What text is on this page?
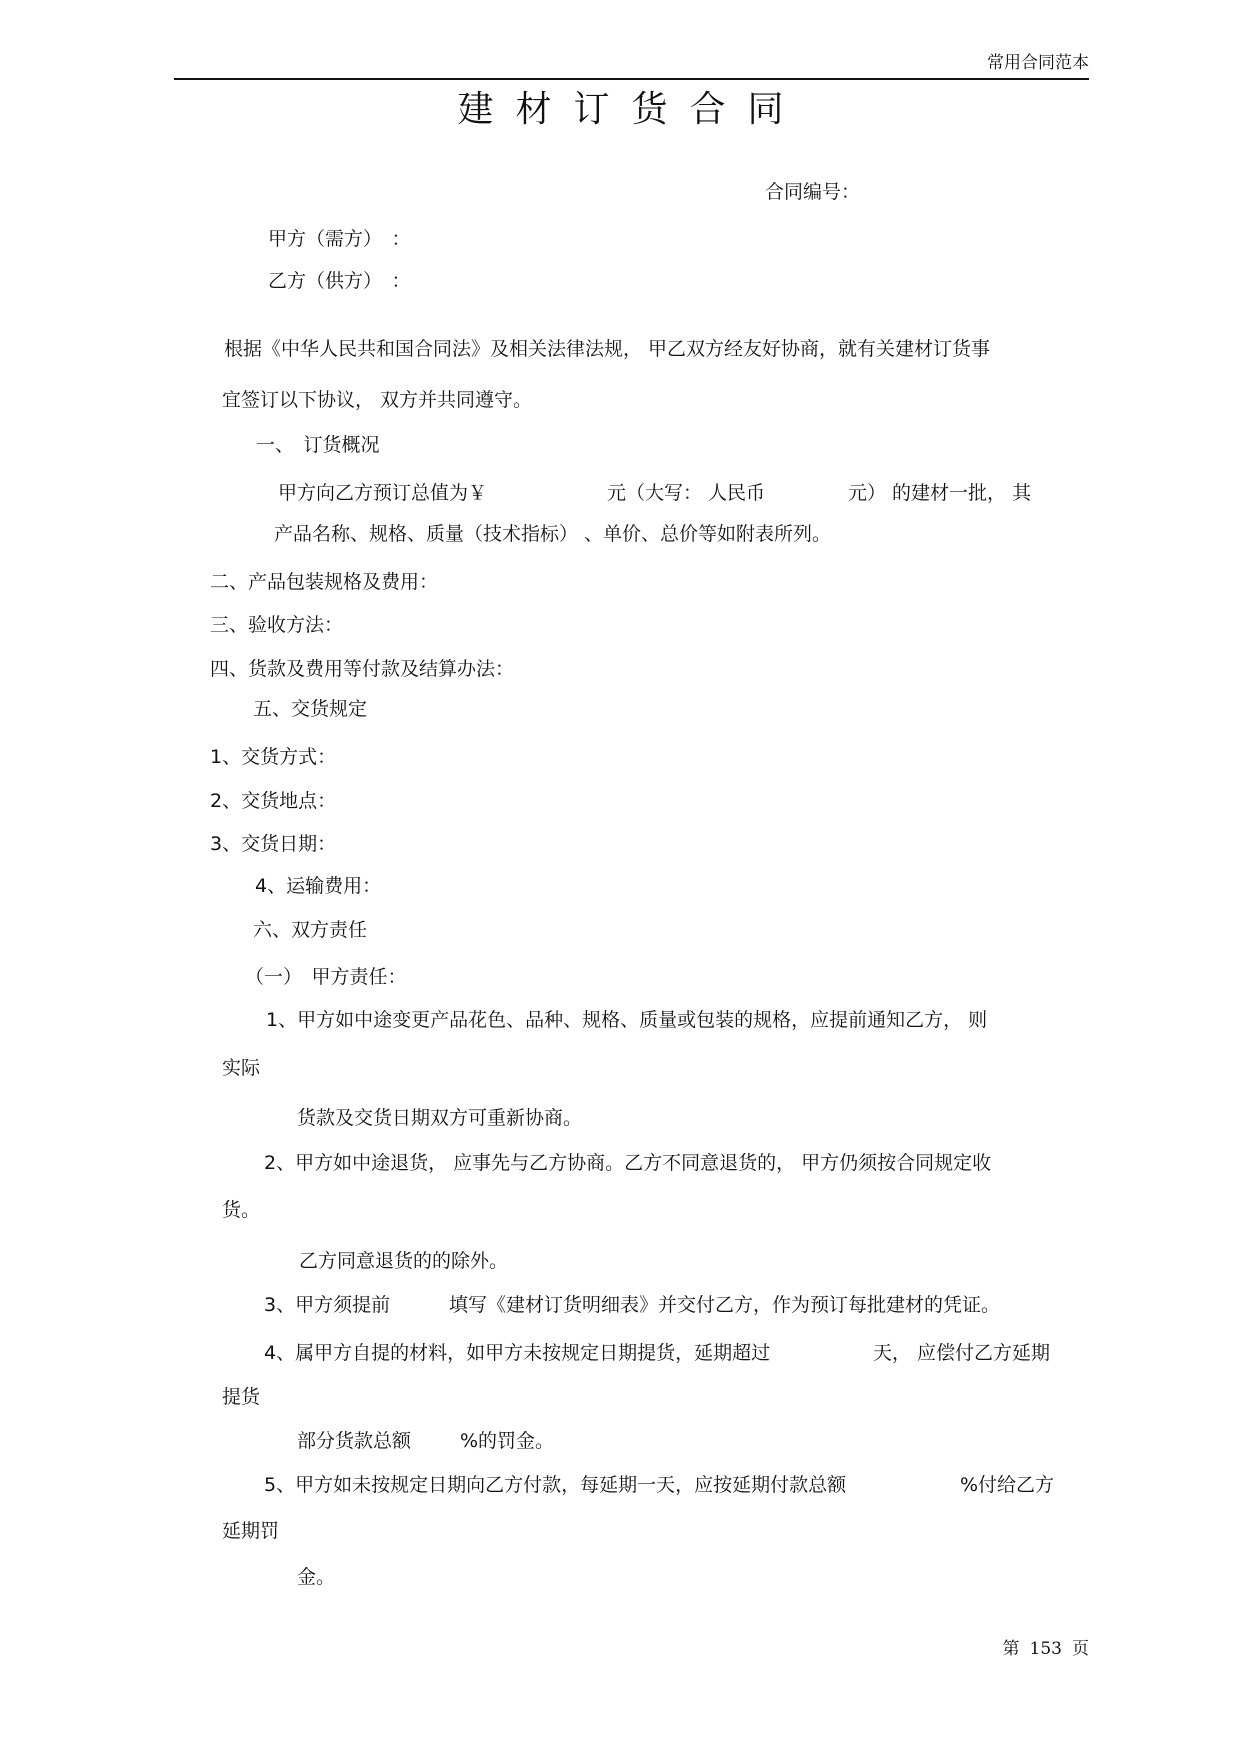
常用合同范本
建材订货合同
合同编号：
甲方（需方）　：
乙方（供方）　：
根据《中华人民共和国合同法》及相关法律法规， 甲乙双方经友好协商，就有关建材订货事
宜签订以下协议， 双方并共同遵守。
一、　订货概况
甲方向乙方预订总值为￥	元（大写： 人民币	元） 的建材一批， 其
产品名称、规格、质量（技术指标） 、单价、总价等如附表所列。
二、产品包装规格及费用：
三、验收方法：
四、货款及费用等付款及结算办法：
五、交货规定
1、交货方式：
2、交货地点：
3、交货日期：
4、运输费用：
六、双方责任
（一）　甲方责任：
1、甲方如中途变更产品花色、品种、规格、质量或包装的规格，应提前通知乙方， 则
实际
货款及交货日期双方可重新协商。
2、甲方如中途退货， 应事先与乙方协商。乙方不同意退货的， 甲方仍须按合同规定收
货。
乙方同意退货的的除外。
3、甲方须提前	填写《建材订货明细表》并交付乙方，作为预订每批建材的凭证。
4、属甲方自提的材料，如甲方未按规定日期提货，延期超过	天， 应偿付乙方延期
提货
部分货款总额	%的罚金。
5、甲方如未按规定日期向乙方付款，每延期一天，应按延期付款总额	%付给乙方
延期罚
金。
第 153 页
